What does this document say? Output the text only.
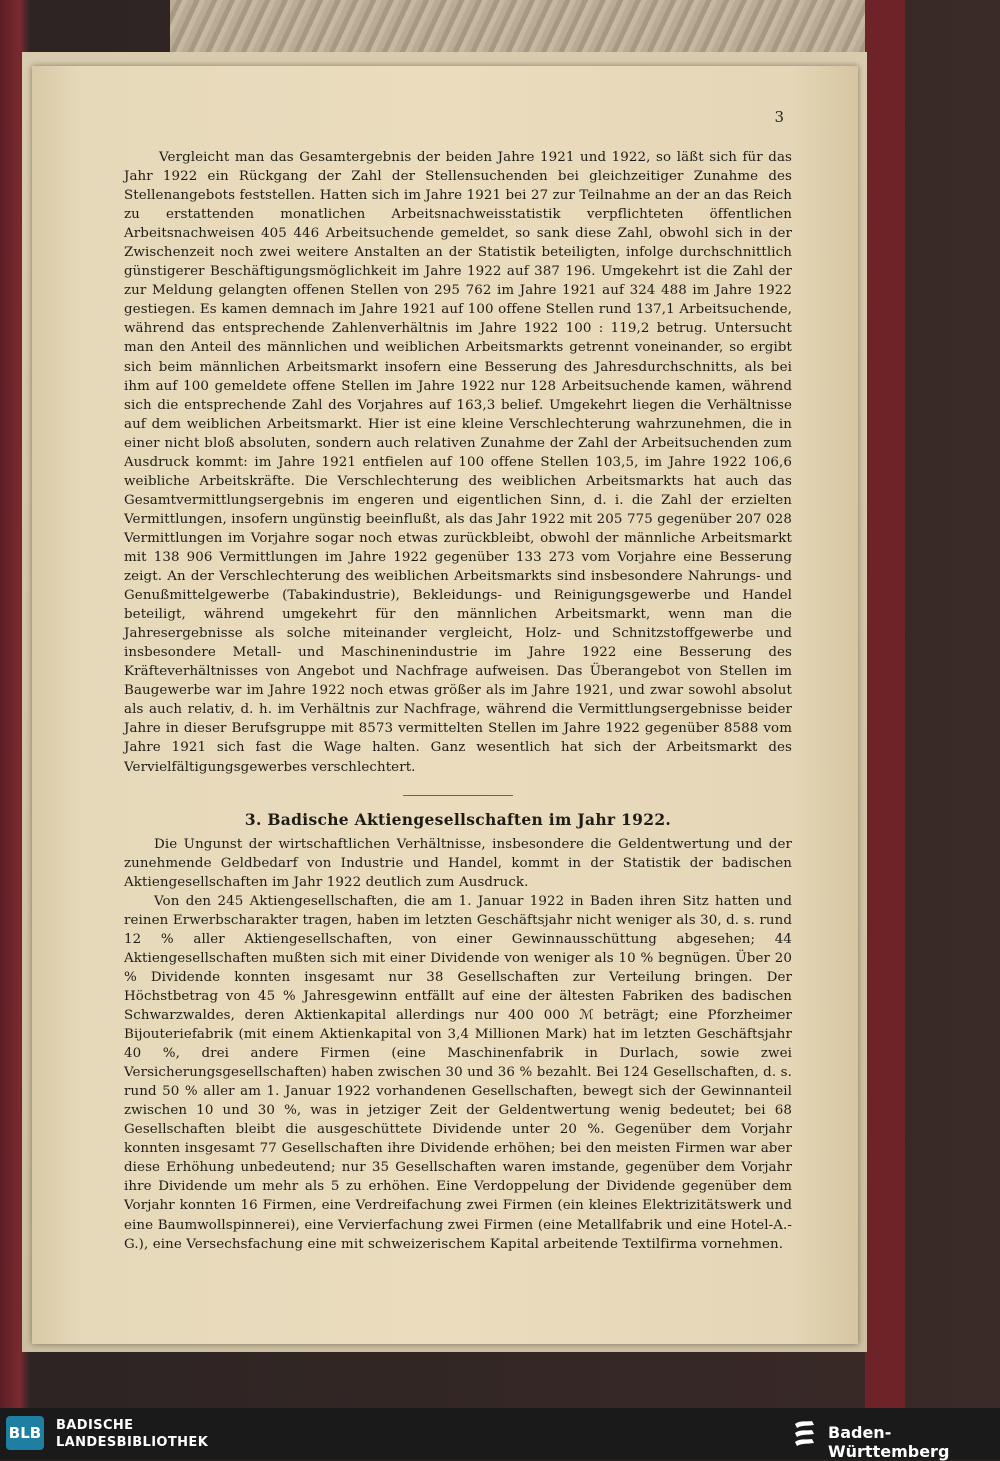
3

Vergleicht man das Gesamtergebnis der beiden Jahre 1921 und 1922, so läßt sich für das Jahr 1922 ein Rückgang der Zahl der Stellensuchenden bei gleichzeitiger Zunahme des Stellenangebots feststellen. Hatten sich im Jahre 1921 bei 27 zur Teilnahme an der an das Reich zu erstattenden monatlichen Arbeitsnachweisstatistik verpflichteten öffentlichen Arbeitsnachweisen 405 446 Arbeitsuchende gemeldet, so sank diese Zahl, obwohl sich in der Zwischenzeit noch zwei weitere Anstalten an der Statistik beteiligten, infolge durchschnittlich günstigerer Beschäftigungsmöglichkeit im Jahre 1922 auf 387 196. Umgekehrt ist die Zahl der zur Meldung gelangten offenen Stellen von 295 762 im Jahre 1921 auf 324 488 im Jahre 1922 gestiegen. Es kamen demnach im Jahre 1921 auf 100 offene Stellen rund 137,1 Arbeitsuchende, während das entsprechende Zahlenverhältnis im Jahre 1922 100 : 119,2 betrug. Untersucht man den Anteil des männlichen und weiblichen Arbeitsmarkts getrennt voneinander, so ergibt sich beim männlichen Arbeitsmarkt insofern eine Besserung des Jahresdurchschnitts, als bei ihm auf 100 gemeldete offene Stellen im Jahre 1922 nur 128 Arbeitsuchende kamen, während sich die entsprechende Zahl des Vorjahres auf 163,3 belief. Umgekehrt liegen die Verhältnisse auf dem weiblichen Arbeitsmarkt. Hier ist eine kleine Verschlechterung wahrzunehmen, die in einer nicht bloß absoluten, sondern auch relativen Zunahme der Zahl der Arbeitsuchenden zum Ausdruck kommt: im Jahre 1921 entfielen auf 100 offene Stellen 103,5, im Jahre 1922 106,6 weibliche Arbeitskräfte. Die Verschlechterung des weiblichen Arbeitsmarkts hat auch das Gesamtvermittlungsergebnis im engeren und eigentlichen Sinn, d. i. die Zahl der erzielten Vermittlungen, insofern ungünstig beeinflußt, als das Jahr 1922 mit 205 775 gegenüber 207 028 Vermittlungen im Vorjahre sogar noch etwas zurückbleibt, obwohl der männliche Arbeitsmarkt mit 138 906 Vermittlungen im Jahre 1922 gegenüber 133 273 vom Vorjahre eine Besserung zeigt. An der Verschlechterung des weiblichen Arbeitsmarkts sind insbesondere Nahrungs- und Genußmittelgewerbe (Tabakindustrie), Bekleidungs- und Reinigungsgewerbe und Handel beteiligt, während umgekehrt für den männlichen Arbeitsmarkt, wenn man die Jahresergebnisse als solche miteinander vergleicht, Holz- und Schnitzstoffgewerbe und insbesondere Metall- und Maschinenindustrie im Jahre 1922 eine Besserung des Kräfteverhältnisses von Angebot und Nachfrage aufweisen. Das Überangebot von Stellen im Baugewerbe war im Jahre 1922 noch etwas größer als im Jahre 1921, und zwar sowohl absolut als auch relativ, d. h. im Verhältnis zur Nachfrage, während die Vermittlungsergebnisse beider Jahre in dieser Berufsgruppe mit 8573 vermittelten Stellen im Jahre 1922 gegenüber 8588 vom Jahre 1921 sich fast die Wage halten. Ganz wesentlich hat sich der Arbeitsmarkt des Vervielfältigungsgewerbes verschlechtert.

3. Badische Aktiengesellschaften im Jahr 1922.

Die Ungunst der wirtschaftlichen Verhältnisse, insbesondere die Geldentwertung und der zunehmende Geldbedarf von Industrie und Handel, kommt in der Statistik der badischen Aktiengesellschaften im Jahr 1922 deutlich zum Ausdruck.

Von den 245 Aktiengesellschaften, die am 1. Januar 1922 in Baden ihren Sitz hatten und reinen Erwerbscharakter tragen, haben im letzten Geschäftsjahr nicht weniger als 30, d. s. rund 12 % aller Aktiengesellschaften, von einer Gewinnausschüttung abgesehen; 44 Aktiengesellschaften mußten sich mit einer Dividende von weniger als 10 % begnügen. Über 20 % Dividende konnten insgesamt nur 38 Gesellschaften zur Verteilung bringen. Der Höchstbetrag von 45 % Jahresgewinn entfällt auf eine der ältesten Fabriken des badischen Schwarzwaldes, deren Aktienkapital allerdings nur 400 000 ℳ beträgt; eine Pforzheimer Bijouteriefabrik (mit einem Aktienkapital von 3,4 Millionen Mark) hat im letzten Geschäftsjahr 40 %, drei andere Firmen (eine Maschinenfabrik in Durlach, sowie zwei Versicherungsgesellschaften) haben zwischen 30 und 36 % bezahlt. Bei 124 Gesellschaften, d. s. rund 50 % aller am 1. Januar 1922 vorhandenen Gesellschaften, bewegt sich der Gewinnanteil zwischen 10 und 30 %, was in jetziger Zeit der Geldentwertung wenig bedeutet; bei 68 Gesellschaften bleibt die ausgeschüttete Dividende unter 20 %. Gegenüber dem Vorjahr konnten insgesamt 77 Gesellschaften ihre Dividende erhöhen; bei den meisten Firmen war aber diese Erhöhung unbedeutend; nur 35 Gesellschaften waren imstande, gegenüber dem Vorjahr ihre Dividende um mehr als 5 zu erhöhen. Eine Verdoppelung der Dividende gegenüber dem Vorjahr konnten 16 Firmen, eine Verdreifachung zwei Firmen (ein kleines Elektrizitätswerk und eine Baumwollspinnerei), eine Vervierfachung zwei Firmen (eine Metallfabrik und eine Hotel-A.-G.), eine Versechsfachung eine mit schweizerischem Kapital arbeitende Textilfirma vornehmen.

BLB BADISCHE
LANDESBIBLIOTHEK
Baden-Württemberg
